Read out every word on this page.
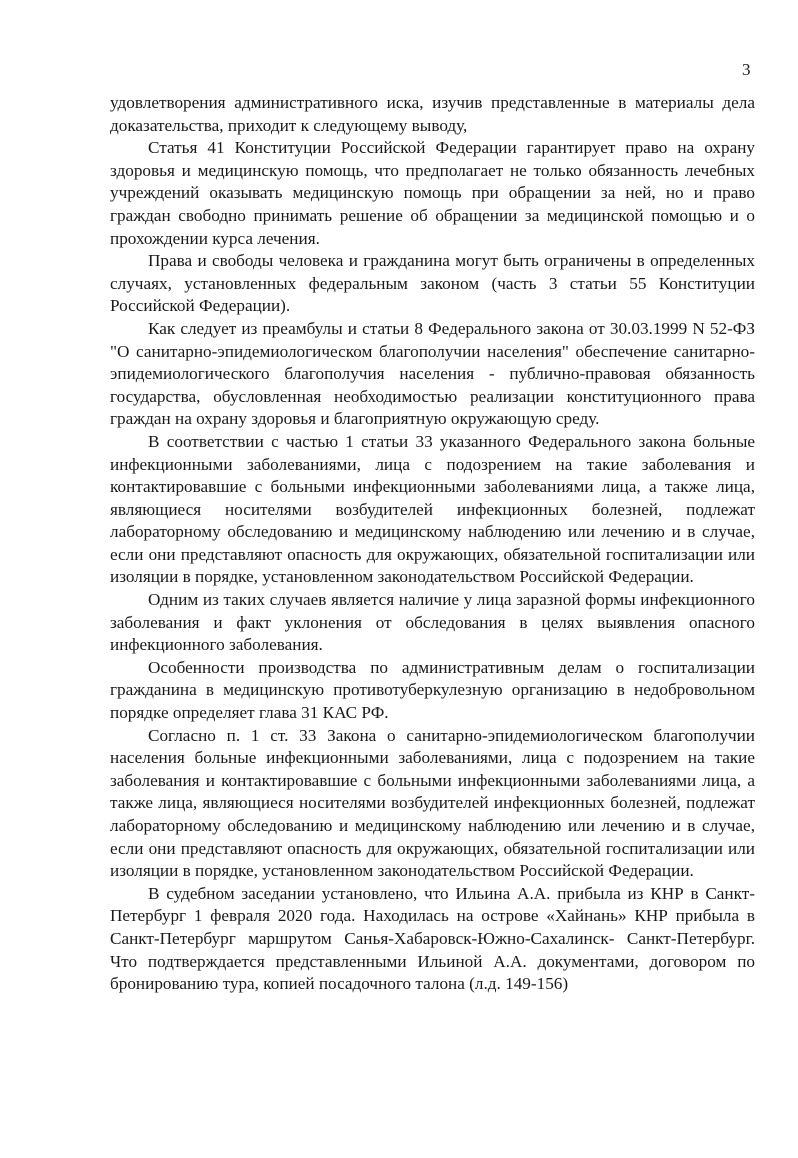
3

удовлетворения административного иска, изучив представленные в материалы дела доказательства, приходит к следующему выводу,

Статья 41 Конституции Российской Федерации гарантирует право на охрану здоровья и медицинскую помощь, что предполагает не только обязанность лечебных учреждений оказывать медицинскую помощь при обращении за ней, но и право граждан свободно принимать решение об обращении за медицинской помощью и о прохождении курса лечения.

Права и свободы человека и гражданина могут быть ограничены в определенных случаях, установленных федеральным законом (часть 3 статьи 55 Конституции Российской Федерации).

Как следует из преамбулы и статьи 8 Федерального закона от 30.03.1999 N 52-ФЗ "О санитарно-эпидемиологическом благополучии населения" обеспечение санитарно-эпидемиологического благополучия населения - публично-правовая обязанность государства, обусловленная необходимостью реализации конституционного права граждан на охрану здоровья и благоприятную окружающую среду.

В соответствии с частью 1 статьи 33 указанного Федерального закона больные инфекционными заболеваниями, лица с подозрением на такие заболевания и контактировавшие с больными инфекционными заболеваниями лица, а также лица, являющиеся носителями возбудителей инфекционных болезней, подлежат лабораторному обследованию и медицинскому наблюдению или лечению и в случае, если они представляют опасность для окружающих, обязательной госпитализации или изоляции в порядке, установленном законодательством Российской Федерации.

Одним из таких случаев является наличие у лица заразной формы инфекционного заболевания и факт уклонения от обследования в целях выявления опасного инфекционного заболевания.

Особенности производства по административным делам о госпитализации гражданина в медицинскую противотуберкулезную организацию в недобровольном порядке определяет глава 31 КАС РФ.

Согласно п. 1 ст. 33 Закона о санитарно-эпидемиологическом благополучии населения больные инфекционными заболеваниями, лица с подозрением на такие заболевания и контактировавшие с больными инфекционными заболеваниями лица, а также лица, являющиеся носителями возбудителей инфекционных болезней, подлежат лабораторному обследованию и медицинскому наблюдению или лечению и в случае, если они представляют опасность для окружающих, обязательной госпитализации или изоляции в порядке, установленном законодательством Российской Федерации.

В судебном заседании установлено, что Ильина А.А. прибыла из КНР в Санкт-Петербург 1 февраля 2020 года. Находилась на острове «Хайнань» КНР прибыла в Санкт-Петербург маршрутом Санья-Хабаровск-Южно-Сахалинск- Санкт-Петербург. Что подтверждается представленными Ильиной А.А. документами, договором по бронированию тура, копией посадочного талона (л.д. 149-156)
